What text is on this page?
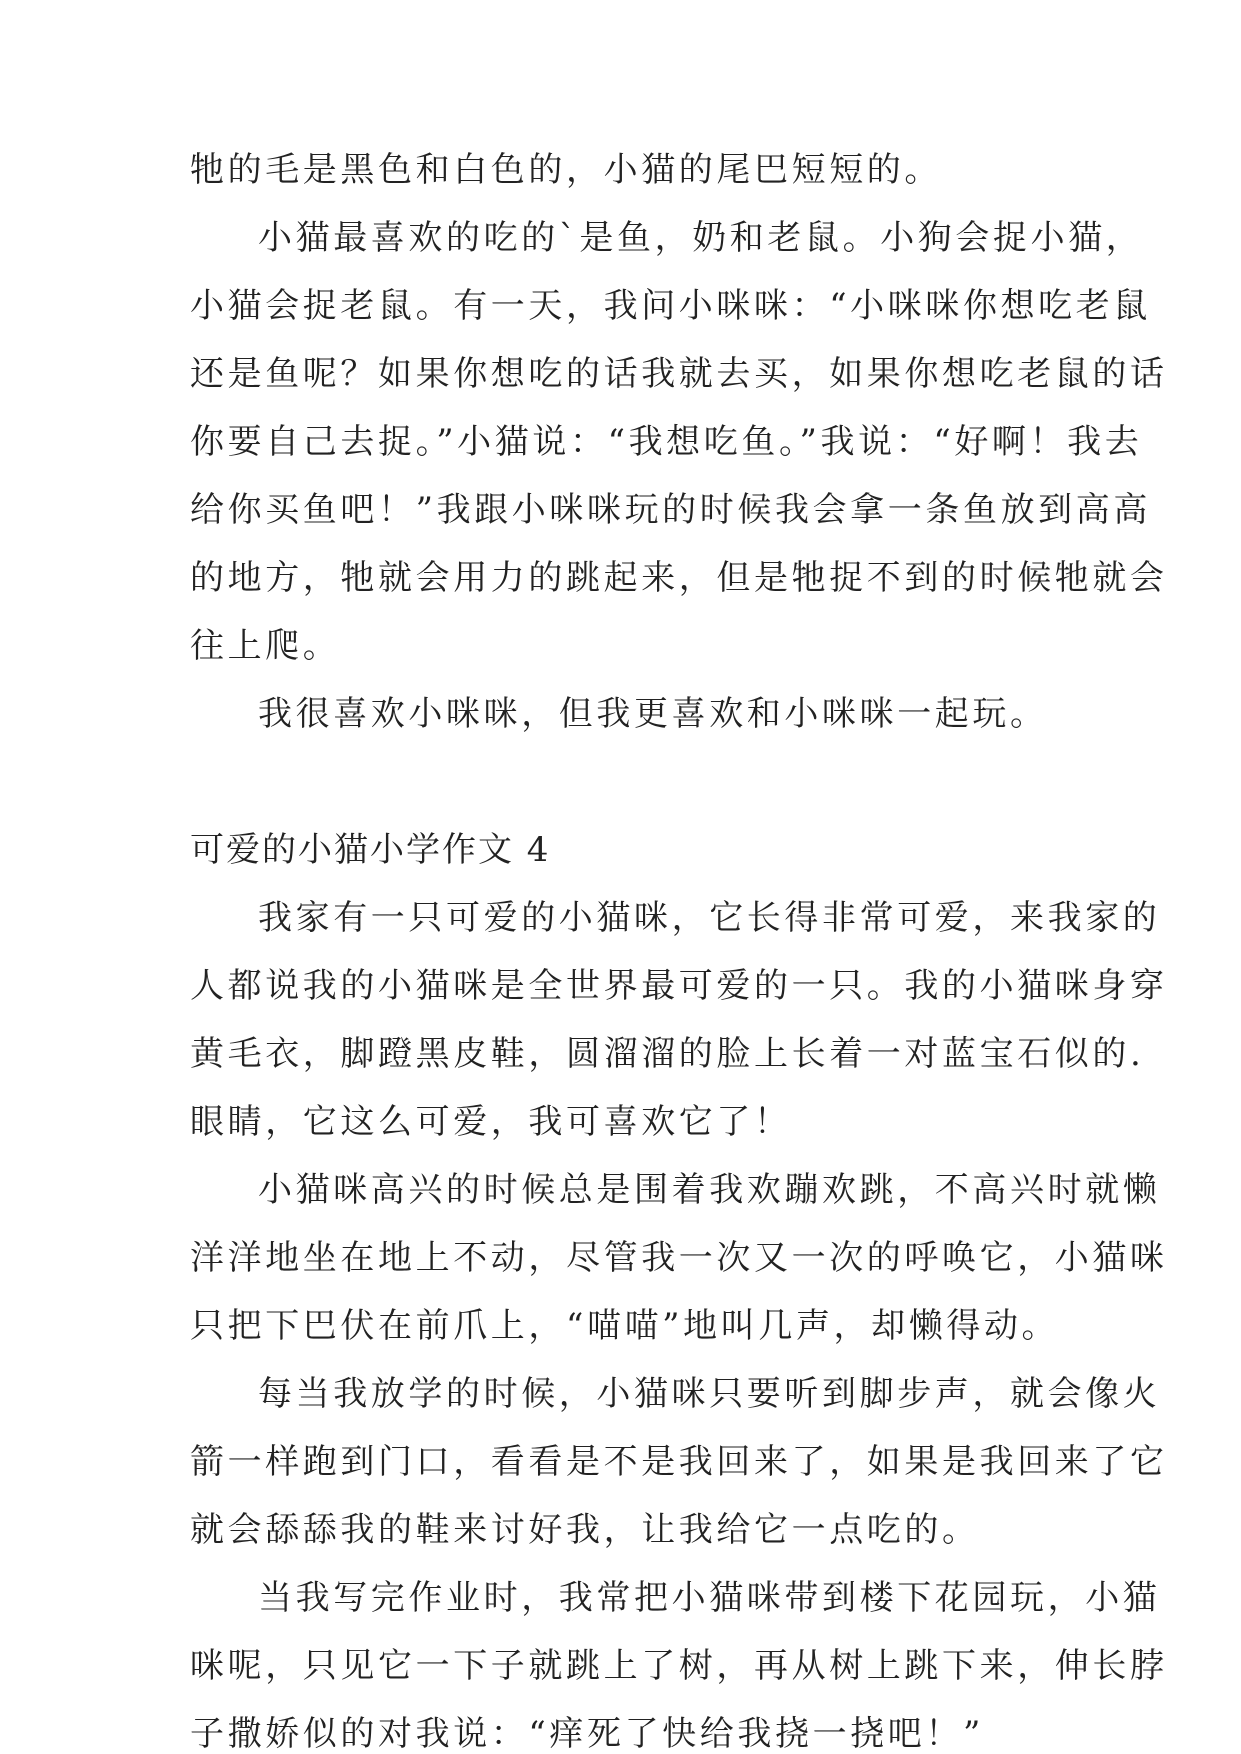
牠的毛是黑色和白色的，小猫的尾巴短短的。
小猫最喜欢的吃的`是鱼，奶和老鼠。小狗会捉小猫，
小猫会捉老鼠。有一天，我问小咪咪：“小咪咪你想吃老鼠
还是鱼呢？如果你想吃的话我就去买，如果你想吃老鼠的话
你要自己去捉。”小猫说：“我想吃鱼。”我说：“好啊！我去
给你买鱼吧！”我跟小咪咪玩的时候我会拿一条鱼放到高高
的地方，牠就会用力的跳起来，但是牠捉不到的时候牠就会
往上爬。
我很喜欢小咪咪，但我更喜欢和小咪咪一起玩。
可爱的小猫小学作文 4
我家有一只可爱的小猫咪，它长得非常可爱，来我家的
人都说我的小猫咪是全世界最可爱的一只。我的小猫咪身穿
黄毛衣，脚蹬黑皮鞋，圆溜溜的脸上长着一对蓝宝石似的.
眼睛，它这么可爱，我可喜欢它了！
小猫咪高兴的时候总是围着我欢蹦欢跳，不高兴时就懒
洋洋地坐在地上不动，尽管我一次又一次的呼唤它，小猫咪
只把下巴伏在前爪上，“喵喵”地叫几声，却懒得动。
每当我放学的时候，小猫咪只要听到脚步声，就会像火
箭一样跑到门口，看看是不是我回来了，如果是我回来了它
就会舔舔我的鞋来讨好我，让我给它一点吃的。
当我写完作业时，我常把小猫咪带到楼下花园玩，小猫
咪呢，只见它一下子就跳上了树，再从树上跳下来，伸长脖
子撒娇似的对我说：“痒死了快给我挠一挠吧！”
